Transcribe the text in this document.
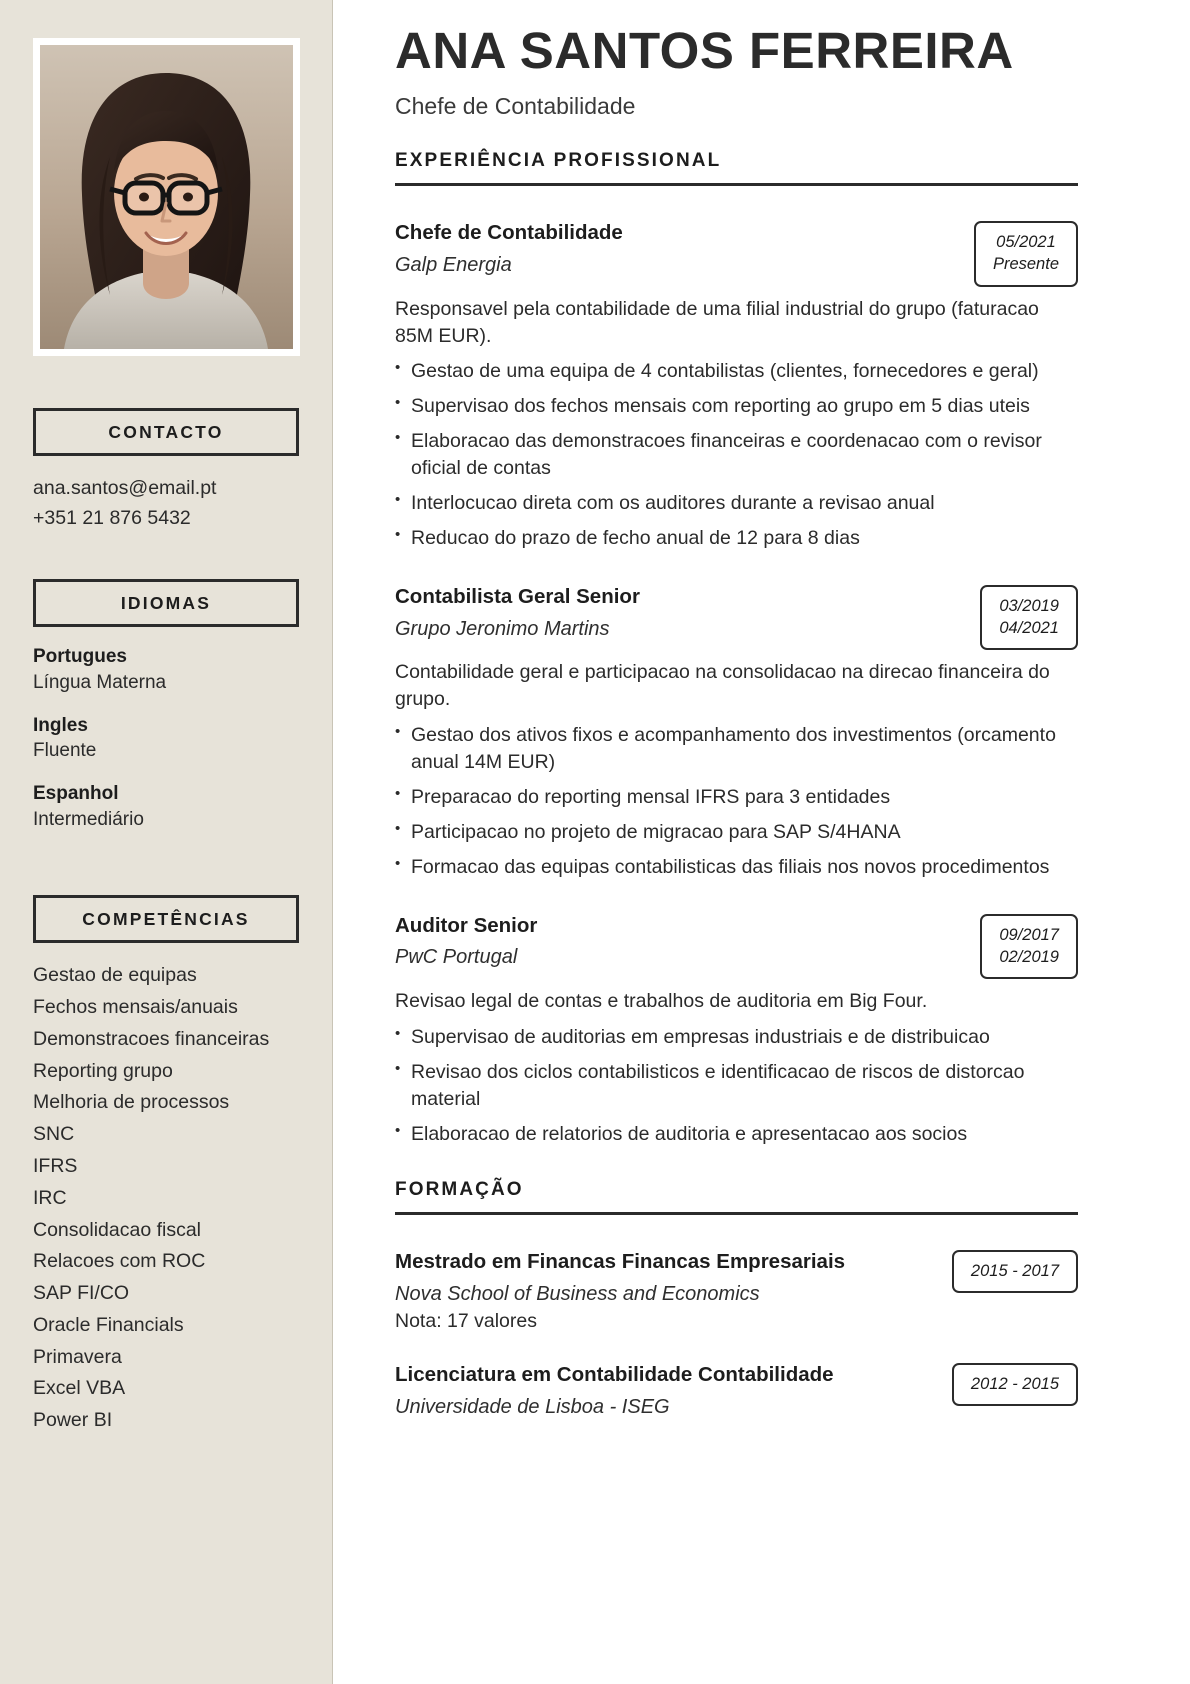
CONTACTO
ana.santos@email.pt
+351 21 876 5432
IDIOMAS
Portugues
Língua Materna
Ingles
Fluente
Espanhol
Intermediário
COMPETÊNCIAS
Gestao de equipas
Fechos mensais/anuais
Demonstracoes financeiras
Reporting grupo
Melhoria de processos
SNC
IFRS
IRC
Consolidacao fiscal
Relacoes com ROC
SAP FI/CO
Oracle Financials
Primavera
Excel VBA
Power BI
ANA SANTOS FERREIRA
Chefe de Contabilidade
EXPERIÊNCIA PROFISSIONAL
Chefe de Contabilidade
Galp Energia
05/2021
Presente

Responsavel pela contabilidade de uma filial industrial do grupo (faturacao 85M EUR).

• Gestao de uma equipa de 4 contabilistas (clientes, fornecedores e geral)
• Supervisao dos fechos mensais com reporting ao grupo em 5 dias uteis
• Elaboracao das demonstracoes financeiras e coordenacao com o revisor oficial de contas
• Interlocucao direta com os auditores durante a revisao anual
• Reducao do prazo de fecho anual de 12 para 8 dias
Contabilista Geral Senior
Grupo Jeronimo Martins
03/2019
04/2021

Contabilidade geral e participacao na consolidacao na direcao financeira do grupo.

• Gestao dos ativos fixos e acompanhamento dos investimentos (orcamento anual 14M EUR)
• Preparacao do reporting mensal IFRS para 3 entidades
• Participacao no projeto de migracao para SAP S/4HANA
• Formacao das equipas contabilisticas das filiais nos novos procedimentos
Auditor Senior
PwC Portugal
09/2017
02/2019

Revisao legal de contas e trabalhos de auditoria em Big Four.

• Supervisao de auditorias em empresas industriais e de distribuicao
• Revisao dos ciclos contabilisticos e identificacao de riscos de distorcao material
• Elaboracao de relatorios de auditoria e apresentacao aos socios
FORMAÇÃO
Mestrado em Financas Financas Empresariais
Nova School of Business and Economics
Nota: 17 valores
2015 - 2017
Licenciatura em Contabilidade Contabilidade
Universidade de Lisboa - ISEG
2012 - 2015
